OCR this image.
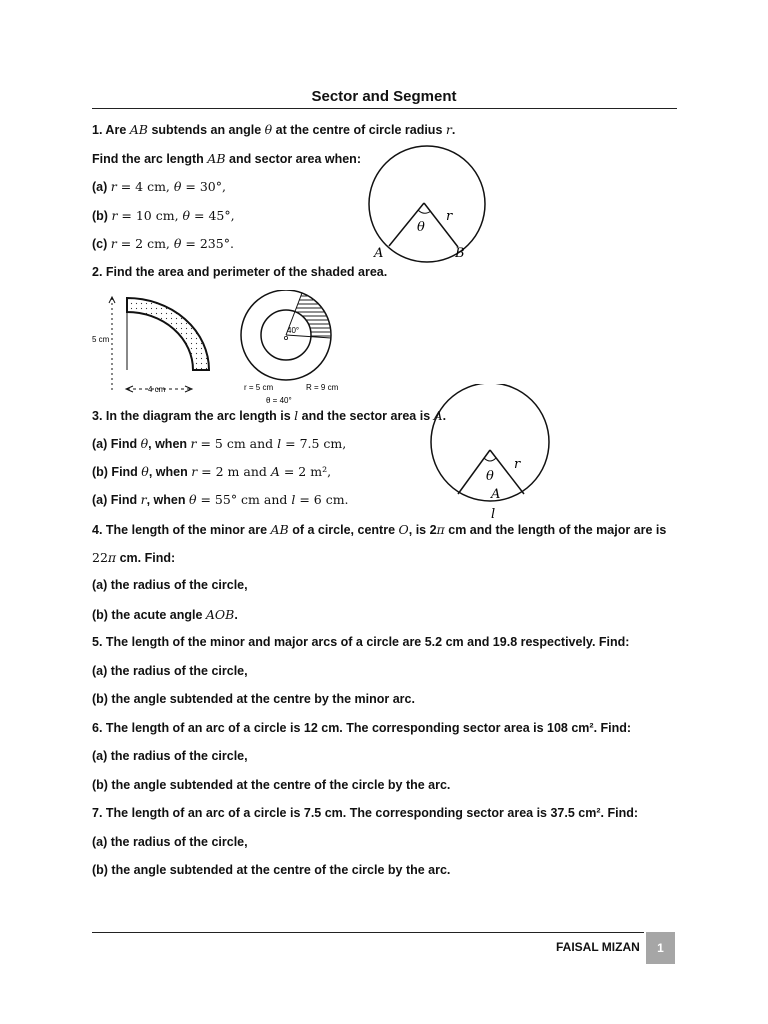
Sector and Segment
1. Are AB subtends an angle θ at the centre of circle radius r.
Find the arc length AB and sector area when:
(a) r = 4 cm, θ = 30°,
(b) r = 10 cm, θ = 45°,
(c) r = 2 cm, θ = 235°.
θ
r
A	B
2. Find the area and perimeter of the shaded area.
5 cm
4 cm
40°
r = 5 cm	R = 9 cm
θ = 40°
3. In the diagram the arc length is l and the sector area is A.
(a) Find θ, when r = 5 cm and l = 7.5 cm,
(b) Find θ, when r = 2 m and A = 2 m²,
(a) Find r, when θ = 55° cm and l = 6 cm.
θ
r
A
l
4. The length of the minor are AB of a circle, centre O, is 2π cm and the length of the major are is
22π cm. Find:
(a) the radius of the circle,
(b) the acute angle AOB.
5. The length of the minor and major arcs of a circle are 5.2 cm and 19.8 respectively. Find:
(a) the radius of the circle,
(b) the angle subtended at the centre by the minor arc.
6. The length of an arc of a circle is 12 cm. The corresponding sector area is 108 cm². Find:
(a) the radius of the circle,
(b) the angle subtended at the centre of the circle by the arc.
7. The length of an arc of a circle is 7.5 cm. The corresponding sector area is 37.5 cm². Find:
(a) the radius of the circle,
(b) the angle subtended at the centre of the circle by the arc.
FAISAL MIZAN	1
